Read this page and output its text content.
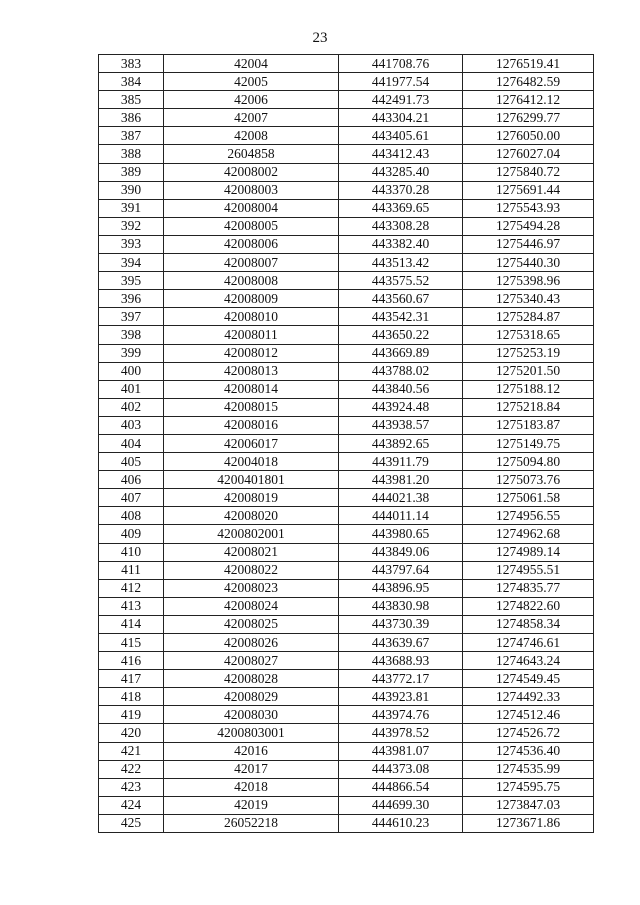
23
383	42004	441708.76	1276519.41
384	42005	441977.54	1276482.59
385	42006	442491.73	1276412.12
386	42007	443304.21	1276299.77
387	42008	443405.61	1276050.00
388	2604858	443412.43	1276027.04
389	42008002	443285.40	1275840.72
390	42008003	443370.28	1275691.44
391	42008004	443369.65	1275543.93
392	42008005	443308.28	1275494.28
393	42008006	443382.40	1275446.97
394	42008007	443513.42	1275440.30
395	42008008	443575.52	1275398.96
396	42008009	443560.67	1275340.43
397	42008010	443542.31	1275284.87
398	42008011	443650.22	1275318.65
399	42008012	443669.89	1275253.19
400	42008013	443788.02	1275201.50
401	42008014	443840.56	1275188.12
402	42008015	443924.48	1275218.84
403	42008016	443938.57	1275183.87
404	42006017	443892.65	1275149.75
405	42004018	443911.79	1275094.80
406	4200401801	443981.20	1275073.76
407	42008019	444021.38	1275061.58
408	42008020	444011.14	1274956.55
409	4200802001	443980.65	1274962.68
410	42008021	443849.06	1274989.14
411	42008022	443797.64	1274955.51
412	42008023	443896.95	1274835.77
413	42008024	443830.98	1274822.60
414	42008025	443730.39	1274858.34
415	42008026	443639.67	1274746.61
416	42008027	443688.93	1274643.24
417	42008028	443772.17	1274549.45
418	42008029	443923.81	1274492.33
419	42008030	443974.76	1274512.46
420	4200803001	443978.52	1274526.72
421	42016	443981.07	1274536.40
422	42017	444373.08	1274535.99
423	42018	444866.54	1274595.75
424	42019	444699.30	1273847.03
425	26052218	444610.23	1273671.86
